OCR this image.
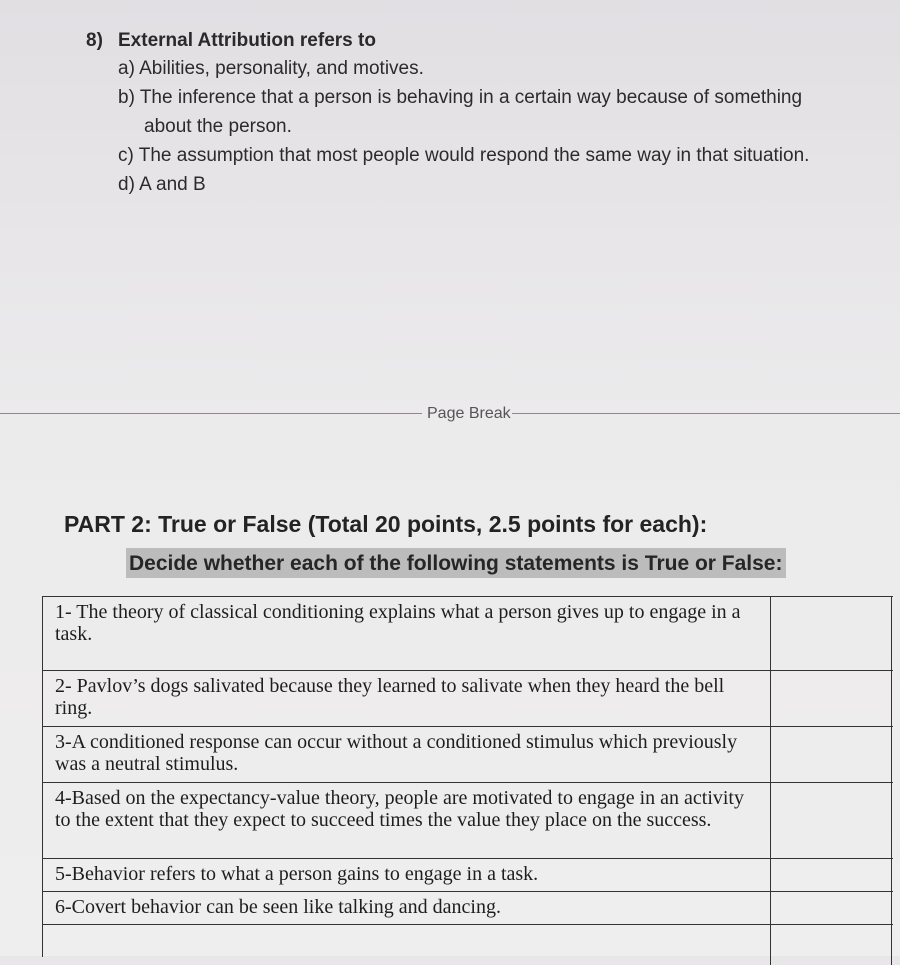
8) External Attribution refers to
a) Abilities, personality, and motives.
b) The inference that a person is behaving in a certain way because of something
about the person.
c) The assumption that most people would respond the same way in that situation.
d) A and B
Page Break
PART 2: True or False (Total 20 points, 2.5 points for each):
Decide whether each of the following statements is True or False:
1- The theory of classical conditioning explains what a person gives up to engage in a task.
2- Pavlov’s dogs salivated because they learned to salivate when they heard the bell ring.
3-A conditioned response can occur without a conditioned stimulus which previously was a neutral stimulus.
4-Based on the expectancy-value theory, people are motivated to engage in an activity to the extent that they expect to succeed times the value they place on the success.
5-Behavior refers to what a person gains to engage in a task.
6-Covert behavior can be seen like talking and dancing.
